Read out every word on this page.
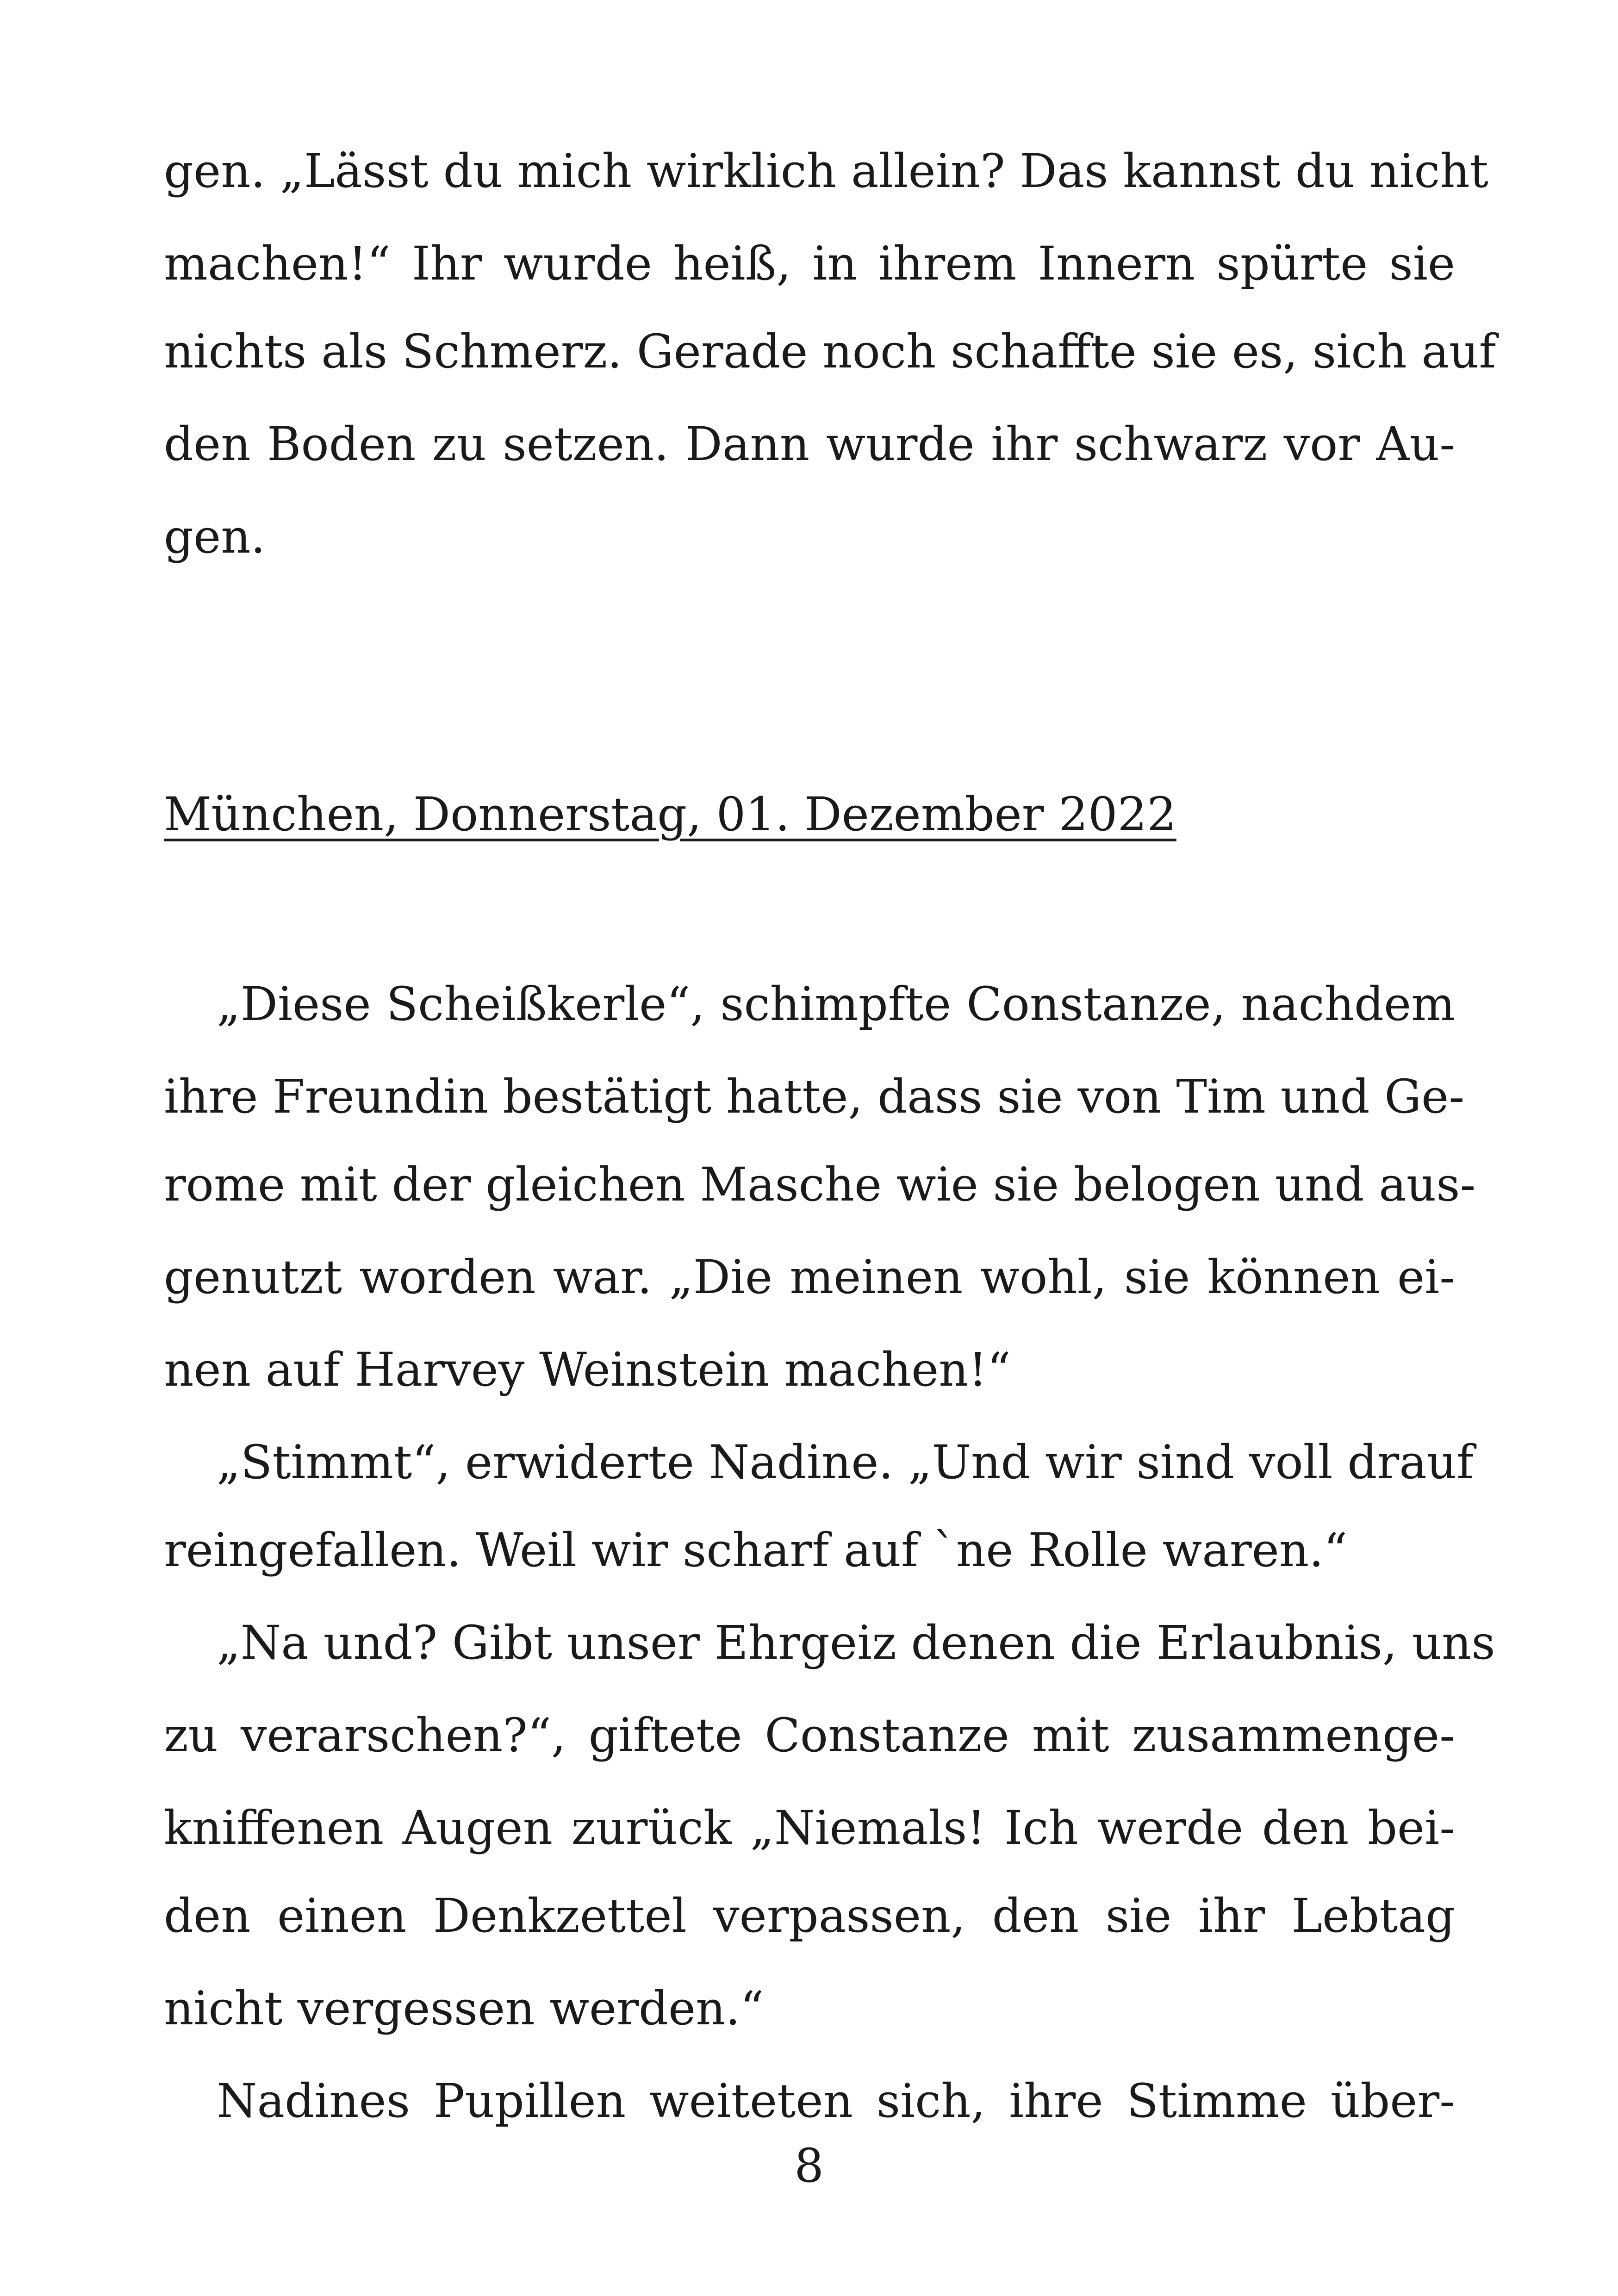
gen. „Lässt du mich wirklich allein? Das kannst du nicht
machen!“ Ihr wurde heiß, in ihrem Innern spürte sie
nichts als Schmerz. Gerade noch schaffte sie es, sich auf
den Boden zu setzen. Dann wurde ihr schwarz vor Au-
gen.
München, Donnerstag, 01. Dezember 2022
„Diese Scheißkerle“, schimpfte Constanze, nachdem
ihre Freundin bestätigt hatte, dass sie von Tim und Ge-
rome mit der gleichen Masche wie sie belogen und aus-
genutzt worden war. „Die meinen wohl, sie können ei-
nen auf Harvey Weinstein machen!“
„Stimmt“, erwiderte Nadine. „Und wir sind voll drauf
reingefallen. Weil wir scharf auf `ne Rolle waren.“
„Na und? Gibt unser Ehrgeiz denen die Erlaubnis, uns
zu verarschen?“, giftete Constanze mit zusammenge-
kniffenen Augen zurück „Niemals! Ich werde den bei-
den einen Denkzettel verpassen, den sie ihr Lebtag
nicht vergessen werden.“
Nadines Pupillen weiteten sich, ihre Stimme über-
8
